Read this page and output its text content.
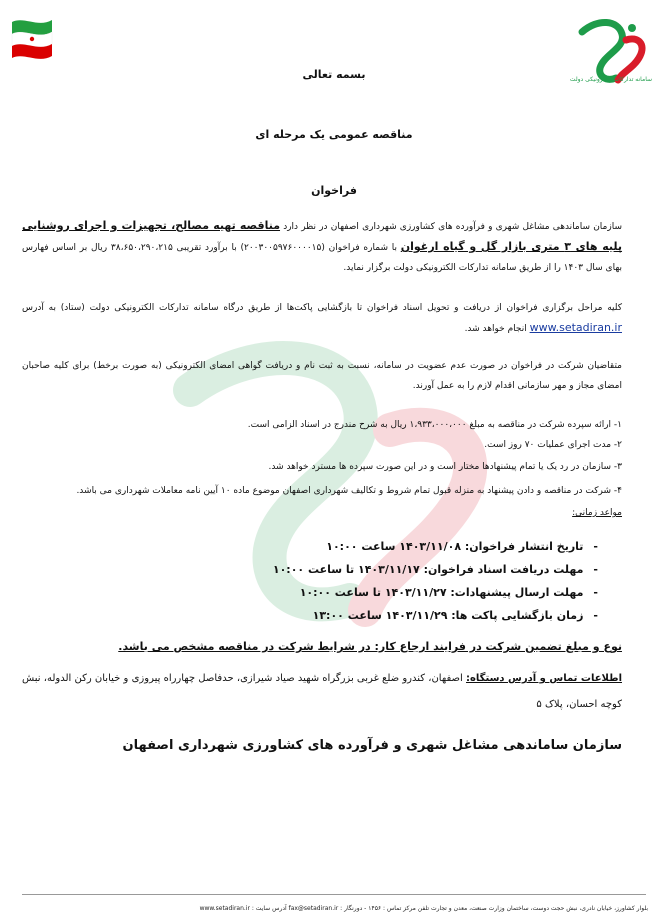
سامانه تدارکات الکترونیکی دولت
بسمه تعالی
مناقصه عمومی یک مرحله ای
فراخوان
سازمان ساماندهی مشاغل شهری و فرآورده های کشاورزی شهرداری اصفهان در نظر دارد مناقصه تهیه مصالح، تجهیزات و اجرای روشنایی پلیه های ۳ متری بازار گل و گیاه ارغوان با شماره فراخوان (۲۰۰۳۰۰۵۹۷۶۰۰۰۰۱۵) با برآورد تقریبی ۳۸،۶۵۰،۲۹۰،۲۱۵ ریال بر اساس فهارس بهای سال ۱۴۰۳ را از طریق سامانه تدارکات الکترونیکی دولت برگزار نماید.
کلیه مراحل برگزاری فراخوان از دریافت و تحویل اسناد فراخوان تا بازگشایی پاکت‌ها از طریق درگاه سامانه تدارکات الکترونیکی دولت (ستاد) به آدرس www.setadiran.ir انجام خواهد شد.
متقاضیان شرکت در فراخوان در صورت عدم عضویت در سامانه، نسبت به ثبت نام و دریافت گواهی امضای الکترونیکی (به صورت برخط) برای کلیه صاحبان امضای مجاز و مهر سازمانی اقدام لازم را به عمل آورند.
۱- ارائه سپرده شرکت در مناقصه به مبلغ ۱،۹۳۳،۰۰۰،۰۰۰ ریال به شرح مندرج در اسناد الزامی است.
۲- مدت اجرای عملیات ۷۰ روز است.
۳- سازمان در رد یک یا تمام پیشنهادها مختار است و در این صورت سپرده ها مسترد خواهد شد.
۴- شرکت در مناقصه و دادن پیشنهاد به منزله قبول تمام شروط و تکالیف شهرداری اصفهان موضوع ماده ۱۰ آیین نامه معاملات شهرداری می باشد.
مواعد زمانی:
-تاریخ انتشار فراخوان: ۱۴۰۳/۱۱/۰۸ ساعت ۱۰:۰۰
-مهلت دریافت اسناد فراخوان: ۱۴۰۳/۱۱/۱۷ تا ساعت ۱۰:۰۰
-مهلت ارسال پیشنهادات: ۱۴۰۳/۱۱/۲۷ تا ساعت ۱۰:۰۰
-زمان بازگشایی پاکت ها: ۱۴۰۳/۱۱/۲۹ ساعت ۱۳:۰۰
نوع و مبلغ تضمین شرکت در فرایند ارجاع کار: در شرایط شرکت در مناقصه مشخص می باشد.
اطلاعات تماس و آدرس دستگاه: اصفهان، کندرو ضلع غربی بزرگراه شهید صیاد شیرازی، حدفاصل چهارراه پیروزی و خیابان رکن الدوله، نبش کوچه احسان، پلاک ۵
سازمان ساماندهی مشاغل شهری و فرآورده های کشاورزی شهرداری اصفهان
بلوار کشاورز، خیابان نادری، نبش حجت دوست، ساختمان وزارت صنعت، معدن و تجارت تلفن مرکز تماس : ۱۴۵۶ - دورنگار : fax@setadiran.ir آدرس سایت : www.setadiran.ir
